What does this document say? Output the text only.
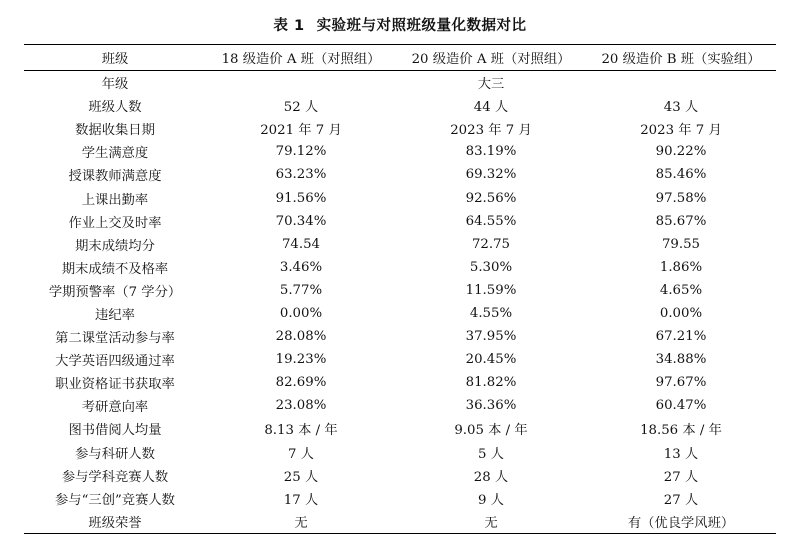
表 1 实验班与对照班级量化数据对比
班级	18 级造价 A 班（对照组）	20 级造价 A 班（对照组）	20 级造价 B 班（实验组）
年级	大三		
班级人数	52 人	44 人	43 人
数据收集日期	2021 年 7 月	2023 年 7 月	2023 年 7 月
学生满意度	79.12%	83.19%	90.22%
授课教师满意度	63.23%	69.32%	85.46%
上课出勤率	91.56%	92.56%	97.58%
作业上交及时率	70.34%	64.55%	85.67%
期末成绩均分	74.54	72.75	79.55
期末成绩不及格率	3.46%	5.30%	1.86%
学期预警率（7 学分）	5.77%	11.59%	4.65%
违纪率	0.00%	4.55%	0.00%
第二课堂活动参与率	28.08%	37.95%	67.21%
大学英语四级通过率	19.23%	20.45%	34.88%
职业资格证书获取率	82.69%	81.82%	97.67%
考研意向率	23.08%	36.36%	60.47%
图书借阅人均量	8.13 本 / 年	9.05 本 / 年	18.56 本 / 年
参与科研人数	7 人	5 人	13 人
参与学科竞赛人数	25 人	28 人	27 人
参与“三创”竞赛人数	17 人	9 人	27 人
班级荣誉	无	无	有（优良学风班）
